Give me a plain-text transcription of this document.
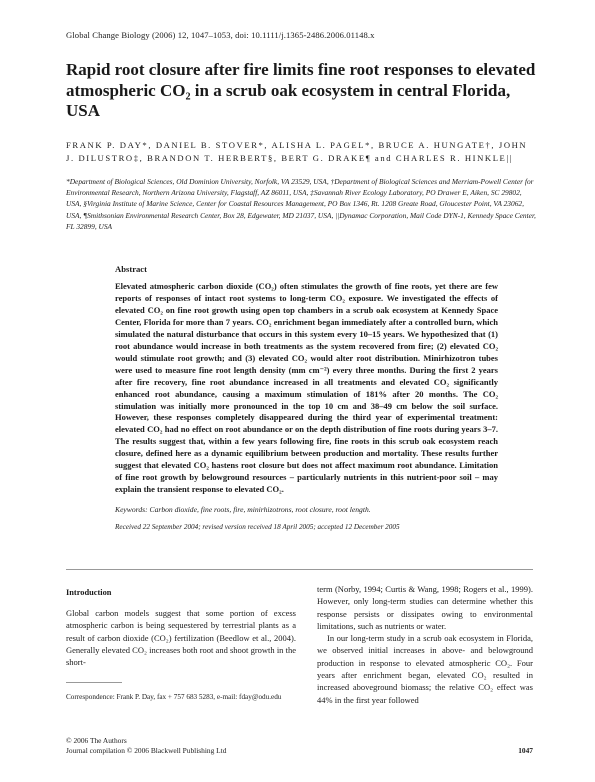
Global Change Biology (2006) 12, 1047–1053, doi: 10.1111/j.1365-2486.2006.01148.x
Rapid root closure after fire limits fine root responses to elevated atmospheric CO₂ in a scrub oak ecosystem in central Florida, USA
FRANK P. DAY*, DANIEL B. STOVER*, ALISHA L. PAGEL*, BRUCE A. HUNGATE†, JOHN J. DILUSTRO‡, BRANDON T. HERBERT§, BERT G. DRAKE¶ and CHARLES R. HINKLE||
*Department of Biological Sciences, Old Dominion University, Norfolk, VA 23529, USA, †Department of Biological Sciences and Merriam-Powell Center for Environmental Research, Northern Arizona University, Flagstaff, AZ 86011, USA, ‡Savannah River Ecology Laboratory, PO Drawer E, Aiken, SC 29802, USA, §Virginia Institute of Marine Science, Center for Coastal Resources Management, PO Box 1346, Rt. 1208 Greate Road, Gloucester Point, VA 23062, USA, ¶Smithsonian Environmental Research Center, Box 28, Edgewater, MD 21037, USA, ||Dynamac Corporation, Mail Code DYN-1, Kennedy Space Center, FL 32899, USA

Abstract

Elevated atmospheric carbon dioxide (CO₂) often stimulates the growth of fine roots, yet there are few reports of responses of intact root systems to long-term CO₂ exposure. We investigated the effects of elevated CO₂ on fine root growth using open top chambers in a scrub oak ecosystem at Kennedy Space Center, Florida for more than 7 years. CO₂ enrichment began immediately after a controlled burn, which simulated the natural disturbance that occurs in this system every 10–15 years. We hypothesized that (1) root abundance would increase in both treatments as the system recovered from fire; (2) elevated CO₂ would stimulate root growth; and (3) elevated CO₂ would alter root distribution. Minirhizotron tubes were used to measure fine root length density (mm cm⁻²) every three months. During the first 2 years after fire recovery, fine root abundance increased in all treatments and elevated CO₂ significantly enhanced root abundance, causing a maximum stimulation of 181% after 20 months. The CO₂ stimulation was initially more pronounced in the top 10 cm and 38–49 cm below the soil surface. However, these responses completely disappeared during the third year of experimental treatment: elevated CO₂ had no effect on root abundance or on the depth distribution of fine roots during years 3–7. The results suggest that, within a few years following fire, fine roots in this scrub oak ecosystem reach closure, defined here as a dynamic equilibrium between production and mortality. These results further suggest that elevated CO₂ hastens root closure but does not affect maximum root abundance. Limitation of fine root growth by belowground resources – particularly nutrients in this nutrient-poor soil – may explain the transient response to elevated CO₂.

Keywords: Carbon dioxide, fine roots, fire, minirhizotrons, root closure, root length.

Received 22 September 2004; revised version received 18 April 2005; accepted 12 December 2005

Introduction

Global carbon models suggest that some portion of excess atmospheric carbon is being sequestered by terrestrial plants as a result of carbon dioxide (CO₂) fertilization (Beedlow et al., 2004). Generally elevated CO₂ increases both root and shoot growth in the short-

term (Norby, 1994; Curtis & Wang, 1998; Rogers et al., 1999). However, only long-term studies can determine whether this response persists or dissipates owing to environmental limitations, such as nutrients or water.

In our long-term study in a scrub oak ecosystem in Florida, we observed initial increases in above- and belowground production in response to elevated atmospheric CO₂. Four years after enrichment began, elevated CO₂ resulted in increased aboveground biomass; the relative CO₂ effect was 44% in the first year followed

Correspondence: Frank P. Day, fax + 757 683 5283, e-mail: fday@odu.edu
© 2006 The Authors
Journal compilation © 2006 Blackwell Publishing Ltd	1047
